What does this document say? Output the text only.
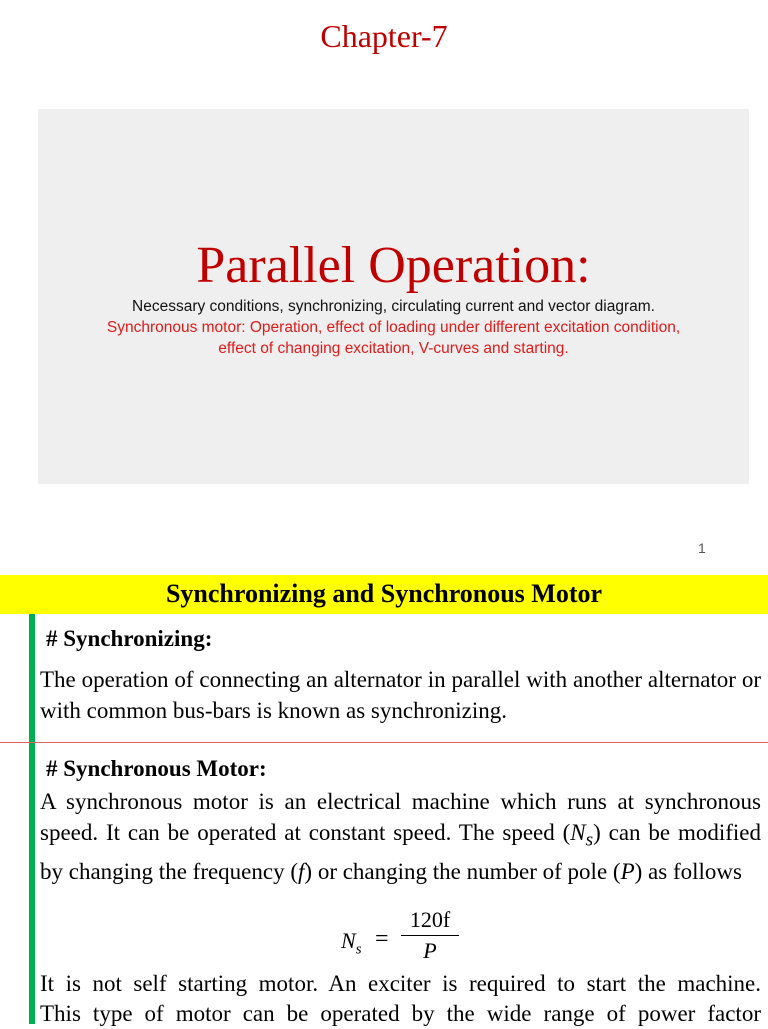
Chapter-7
Parallel Operation:
Necessary conditions, synchronizing, circulating current and vector diagram.
Synchronous motor: Operation, effect of loading under different excitation condition,
effect of changing excitation, V-curves and starting.
1
Synchronizing and Synchronous Motor
# Synchronizing:
The operation of connecting an alternator in parallel with another alternator or with common bus-bars is known as synchronizing.
# Synchronous Motor:
A synchronous motor is an electrical machine which runs at synchronous speed. It can be operated at constant speed. The speed $(N_s)$ can be modified by changing the frequency (f) or changing the number of pole (P) as follows
$N_s$ =
120f
P
It is not self starting motor. An exciter is required to start the machine.
This type of motor can be operated by the wide range of power factor
